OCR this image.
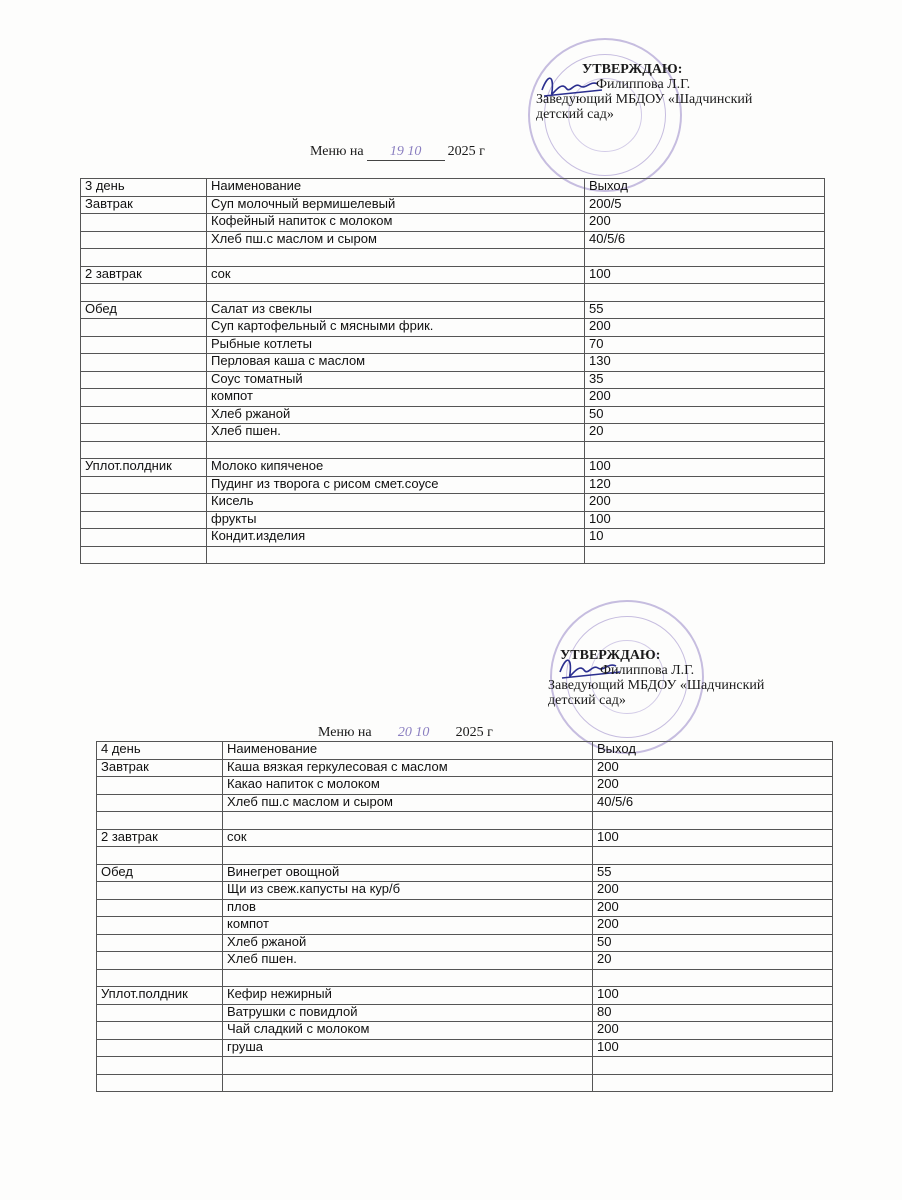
УТВЕРЖДАЮ:
Филиппова Л.Г.
Заведующий МБДОУ «Шадчинский
детский сад»
Меню на 19 10 2025 г
3 день	Наименование	Выход
Завтрак	Суп молочный вермишелевый	200/5
	Кофейный напиток с молоком	200
	Хлеб пш.с маслом и сыром	40/5/6

2 завтрак	сок	100

Обед	Салат из свеклы	55
	Суп картофельный с мясными фрик.	200
	Рыбные котлеты	70
	Перловая каша с маслом	130
	Соус томатный	35
	компот	200
	Хлеб ржаной	50
	Хлеб пшен.	20

Уплот.полдник	Молоко кипяченое	100
	Пудинг из творога с рисом смет.соусе	120
	Кисель	200
	фрукты	100
	Кондит.изделия	10

УТВЕРЖДАЮ:
Филиппова Л.Г.
Заведующий МБДОУ «Шадчинский
детский сад»
Меню на 20 10 2025 г
4 день	Наименование	Выход
Завтрак	Каша вязкая геркулесовая с маслом	200
	Какао напиток с молоком	200
	Хлеб пш.с маслом и сыром	40/5/6

2 завтрак	сок	100

Обед	Винегрет овощной	55
	Щи из свеж.капусты на кур/б	200
	плов	200
	компот	200
	Хлеб ржаной	50
	Хлеб пшен.	20

Уплот.полдник	Кефир нежирный	100
	Ватрушки с повидлой	80
	Чай сладкий с молоком	200
	груша	100
